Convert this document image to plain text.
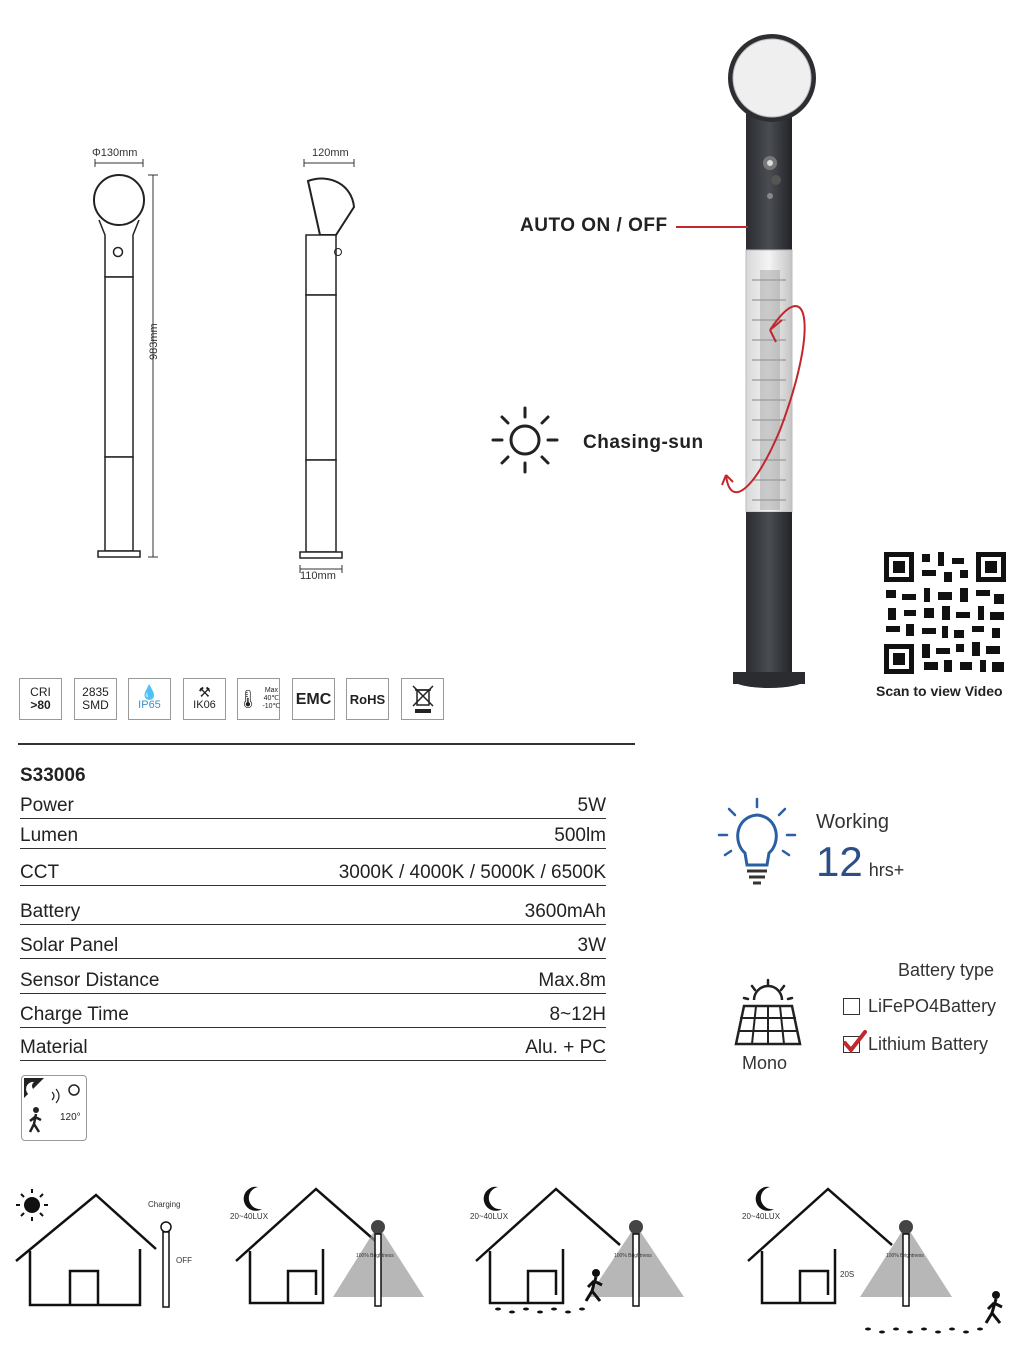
Φ130mm
983mm
120mm
110mm
AUTO ON / OFF
Chasing-sun
Scan to view Video
CRI
>80
2835
SMD
💧
IP65
⚒
IK06 🌡 Max
40℃
-10℃ EMC RoHS
S33006
Power	5W
Lumen	500lm
CCT	3000K / 4000K / 5000K / 6500K
Battery	3600mAh
Solar Panel	3W
Sensor Distance	Max.8m
Charge Time	8~12H
Material	Alu. + PC
120°
Working
12 hrs+
Mono
Battery type
LiFePO4Battery
Lithium Battery
Charging
OFF
20~40LUX
100% Brightness
20~40LUX
100% Brightness
20~40LUX
100% Brightness
20S
